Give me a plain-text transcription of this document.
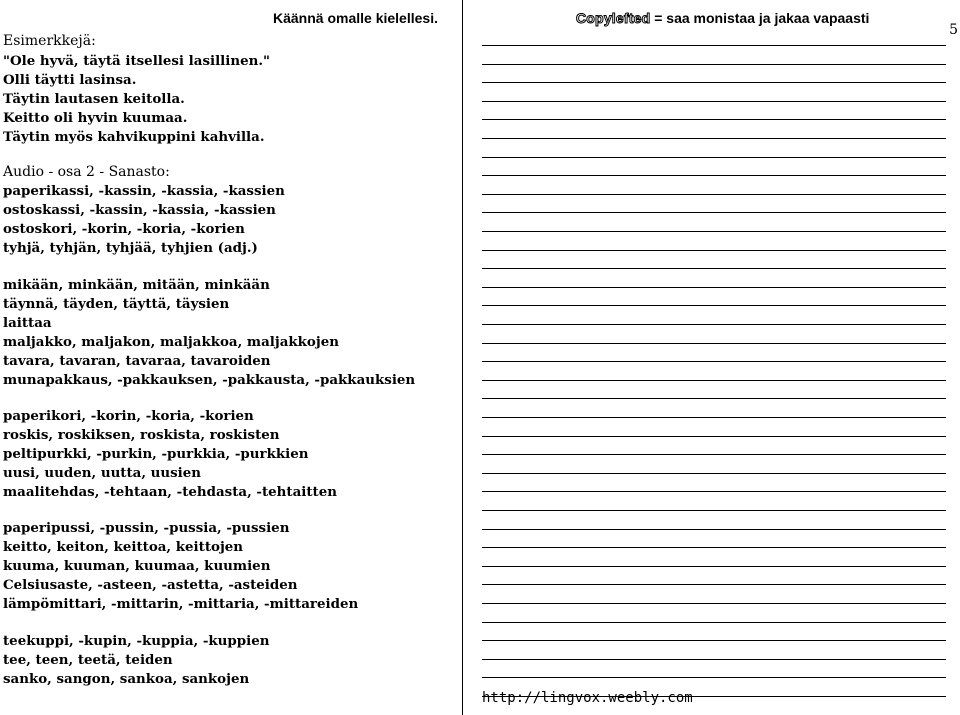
Käännä omalle kielellesi.
Esimerkkejä:
"Ole hyvä, täytä itsellesi lasillinen."
Olli täytti lasinsa.
Täytin lautasen keitolla.
Keitto oli hyvin kuumaa.
Täytin myös kahvikuppini kahvilla.
Audio - osa 2 - Sanasto:
paperikassi, -kassin, -kassia, -kassien
ostoskassi, -kassin, -kassia, -kassien
ostoskori, -korin, -koria, -korien
tyhjä, tyhjän, tyhjää, tyhjien (adj.)
mikään, minkään, mitään, minkään
täynnä, täyden, täyttä, täysien
laittaa
maljakko, maljakon, maljakkoa, maljakkojen
tavara, tavaran, tavaraa, tavaroiden
munapakkaus, -pakkauksen, -pakkausta, -pakkauksien
paperikori, -korin, -koria, -korien
roskis, roskiksen, roskista, roskisten
peltipurkki, -purkin, -purkkia, -purkkien
uusi, uuden, uutta, uusien
maalitehdas, -tehtaan, -tehdasta, -tehtaitten
paperipussi, -pussin, -pussia, -pussien
keitto, keiton, keittoa, keittojen
kuuma, kuuman, kuumaa, kuumien
Celsiusaste, -asteen, -astetta, -asteiden
lämpömittari, -mittarin, -mittaria, -mittareiden
teekuppi, -kupin, -kuppia, -kuppien
tee, teen, teetä, teiden
sanko, sangon, sankoa, sankojen
Copylefted = saa monistaa ja jakaa vapaasti
5
http://lingvox.weebly.com
